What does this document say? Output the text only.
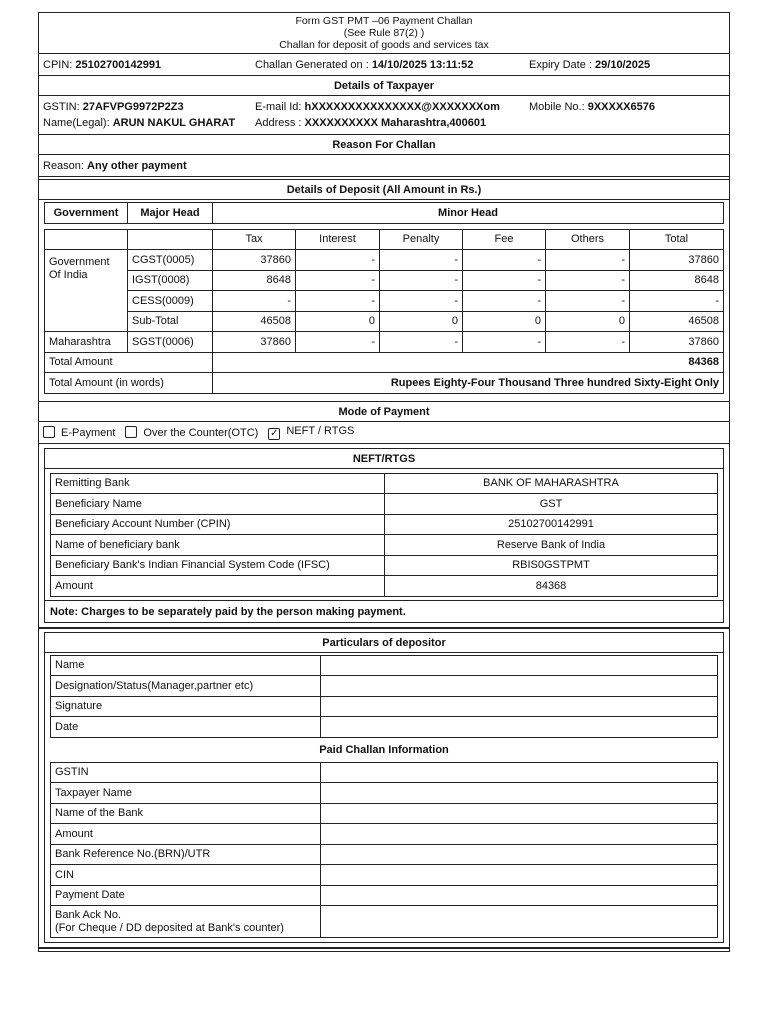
Form GST PMT –06 Payment Challan
(See Rule 87(2) )
Challan for deposit of goods and services tax
CPIN: 25102700142991	Challan Generated on : 14/10/2025 13:11:52	Expiry Date : 29/10/2025
Details of Taxpayer
GSTIN: 27AFVPG9972P2Z3	E-mail Id: hXXXXXXXXXXXXXXX@XXXXXXXom	Mobile No.: 9XXXXX6576
Name(Legal): ARUN NAKUL GHARAT	Address : XXXXXXXXXX Maharashtra,400601
Reason For Challan
Reason: Any other payment
Details of Deposit (All Amount in Rs.)
Government	Major Head	Minor Head
		Tax	Interest	Penalty	Fee	Others	Total
Government
Of India	CGST(0005)	37860	-	-	-	-	37860
	IGST(0008)	8648	-	-	-	-	8648
	CESS(0009)	-	-	-	-	-	-
	Sub-Total	46508	0	0	0	0	46508
Maharashtra	SGST(0006)	37860	-	-	-	-	37860
Total Amount		84368					
Total Amount (in words)		Rupees Eighty-Four Thousand Three hundred Sixty-Eight Only					
Mode of Payment
E-Payment	Over the Counter(OTC) ✓ NEFT / RTGS
NEFT/RTGS
Remitting Bank	BANK OF MAHARASHTRA
Beneficiary Name	GST
Beneficiary Account Number (CPIN)	25102700142991
Name of beneficiary bank	Reserve Bank of India
Beneficiary Bank's Indian Financial System Code (IFSC)	RBIS0GSTPMT
Amount	84368
Note: Charges to be separately paid by the person making payment.
Particulars of depositor
Name	
Designation/Status(Manager,partner etc)	
Signature	
Date	
Paid Challan Information
GSTIN	
Taxpayer Name	
Name of the Bank	
Amount	
Bank Reference No.(BRN)/UTR	
CIN	
Payment Date	

Bank Ack No.
(For Cheque / DD deposited at Bank's counter)	
